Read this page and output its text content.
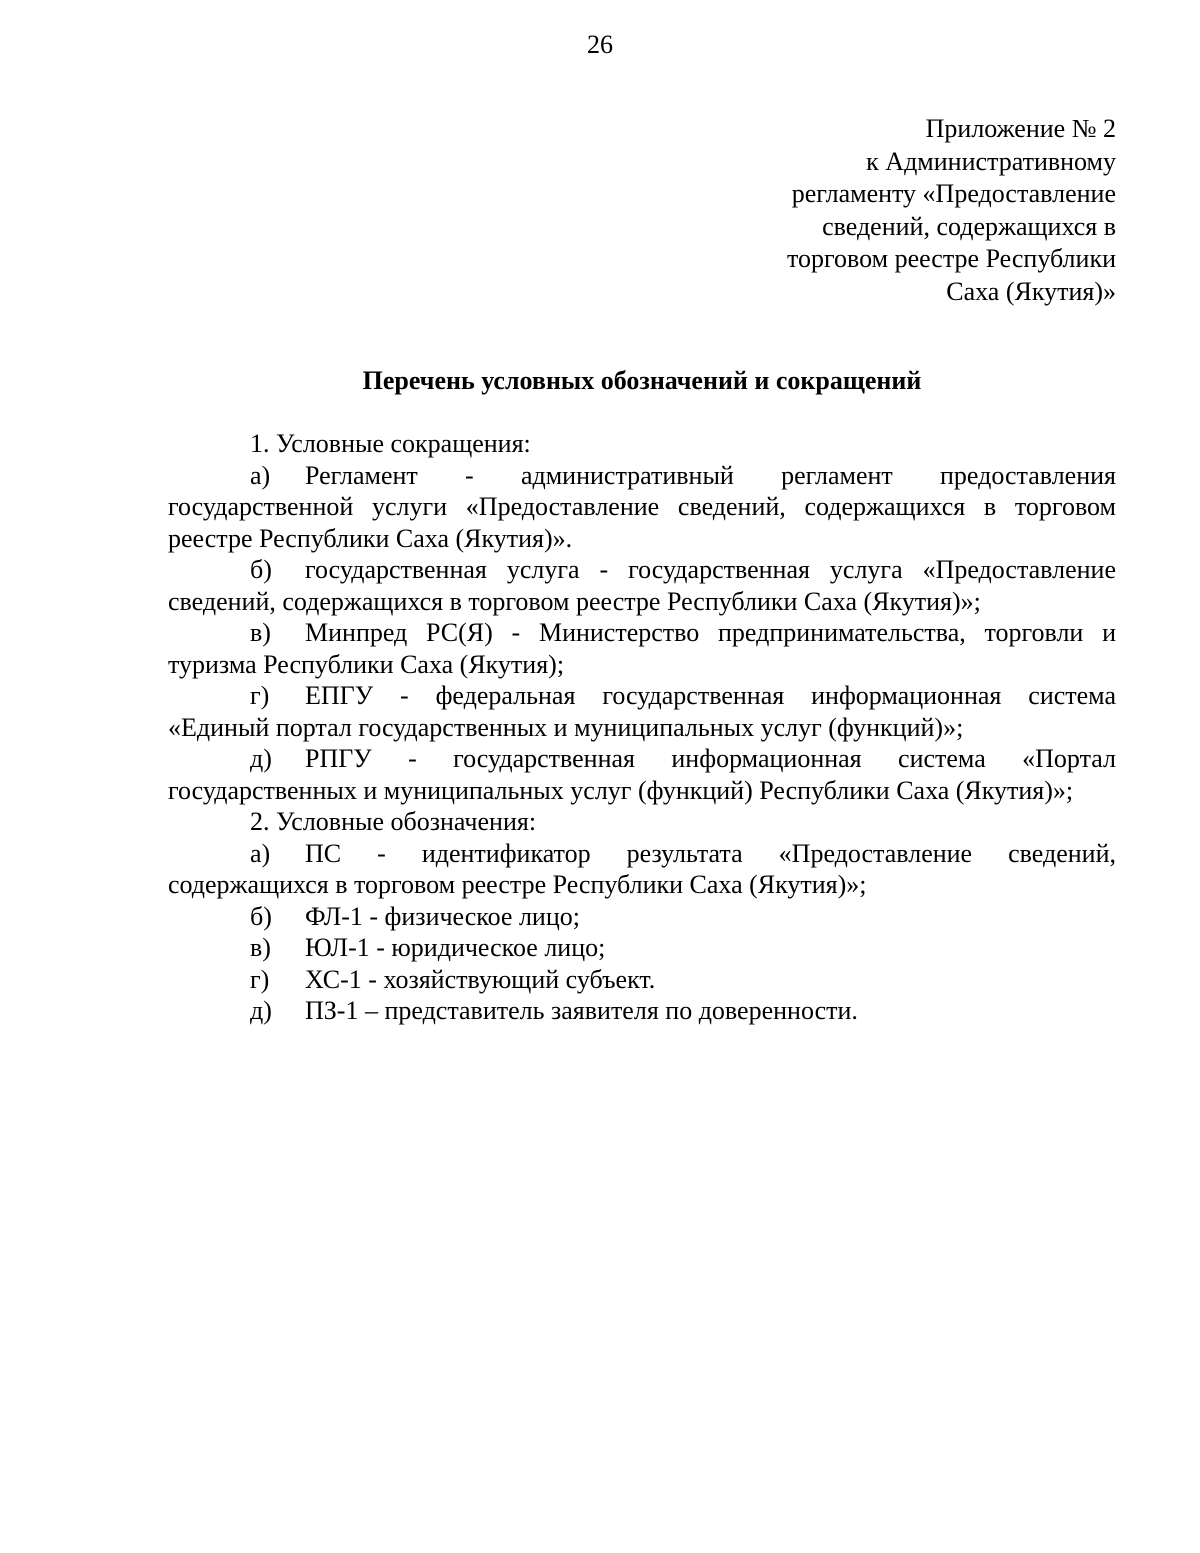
26
Приложение № 2
к Административному
регламенту «Предоставление
сведений, содержащихся в
торговом реестре Республики
Саха (Якутия)»
Перечень условных обозначений и сокращений

1. Условные сокращения:

а) Регламент - административный регламент предоставления государственной услуги «Предоставление сведений, содержащихся в торговом реестре Республики Саха (Якутия)».

б) государственная услуга - государственная услуга «Предоставление сведений, содержащихся в торговом реестре Республики Саха (Якутия)»;

в) Минпред РС(Я) - Министерство предпринимательства, торговли и туризма Республики Саха (Якутия);

г) ЕПГУ - федеральная государственная информационная система «Единый портал государственных и муниципальных услуг (функций)»;

д) РПГУ - государственная информационная система «Портал государственных и муниципальных услуг (функций) Республики Саха (Якутия)»;

2. Условные обозначения:

а) ПС - идентификатор результата «Предоставление сведений, содержащихся в торговом реестре Республики Саха (Якутия)»;

б) ФЛ-1 - физическое лицо;

в) ЮЛ-1 - юридическое лицо;

г) ХС-1 - хозяйствующий субъект.

д) ПЗ-1 – представитель заявителя по доверенности.
